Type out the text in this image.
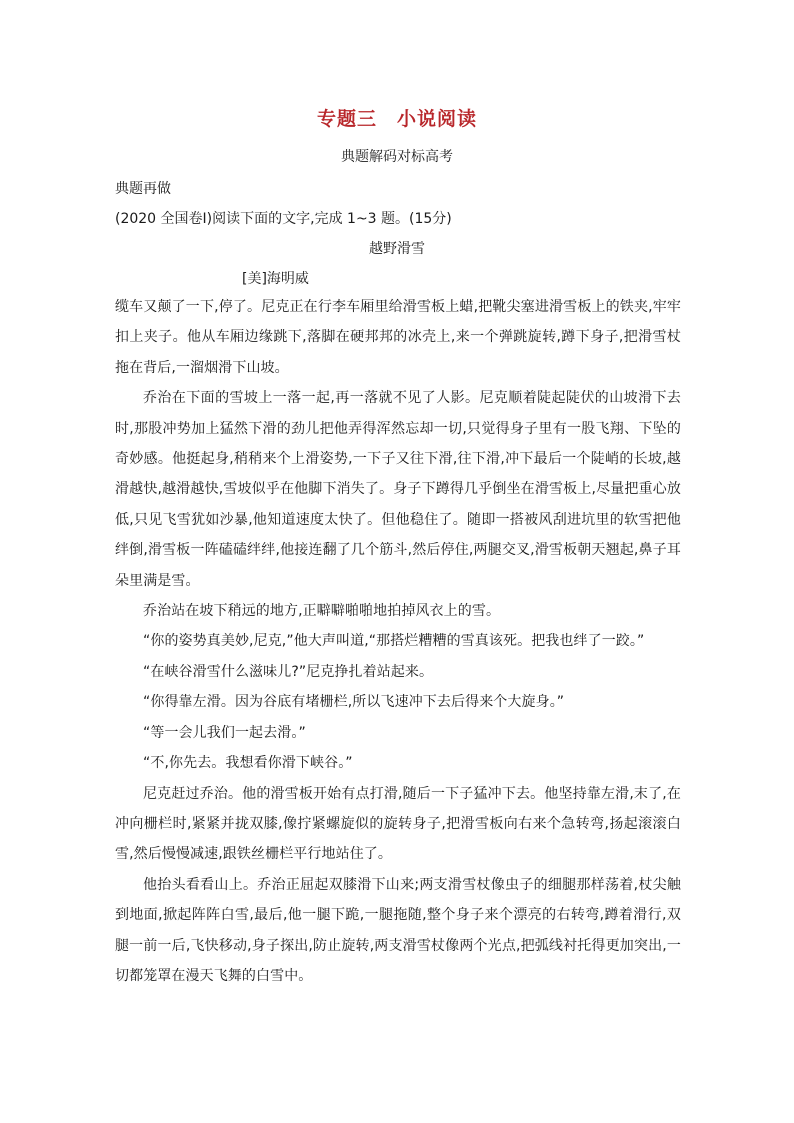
专题三　小说阅读
典题解码对标高考
典题再做
(2020 全国卷Ⅰ)阅读下面的文字,完成 1~3 题。(15分)
越野滑雪
[美]海明威

缆车又颠了一下,停了。尼克正在行李车厢里给滑雪板上蜡,把靴尖塞进滑雪板上的铁夹,牢牢扣上夹子。他从车厢边缘跳下,落脚在硬邦邦的冰壳上,来一个弹跳旋转,蹲下身子,把滑雪杖拖在背后,一溜烟滑下山坡。

乔治在下面的雪坡上一落一起,再一落就不见了人影。尼克顺着陡起陡伏的山坡滑下去时,那股冲势加上猛然下滑的劲儿把他弄得浑然忘却一切,只觉得身子里有一股飞翔、下坠的奇妙感。他挺起身,稍稍来个上滑姿势,一下子又往下滑,往下滑,冲下最后一个陡峭的长坡,越滑越快,越滑越快,雪坡似乎在他脚下消失了。身子下蹲得几乎倒坐在滑雪板上,尽量把重心放低,只见飞雪犹如沙暴,他知道速度太快了。但他稳住了。随即一搭被风刮进坑里的软雪把他绊倒,滑雪板一阵磕磕绊绊,他接连翻了几个筋斗,然后停住,两腿交叉,滑雪板朝天翘起,鼻子耳朵里满是雪。

乔治站在坡下稍远的地方,正噼噼啪啪地拍掉风衣上的雪。

“你的姿势真美妙,尼克,”他大声叫道,“那搭烂糟糟的雪真该死。把我也绊了一跤。”

“在峡谷滑雪什么滋味儿?”尼克挣扎着站起来。

“你得靠左滑。因为谷底有堵栅栏,所以飞速冲下去后得来个大旋身。”

“等一会儿我们一起去滑。”

“不,你先去。我想看你滑下峡谷。”

尼克赶过乔治。他的滑雪板开始有点打滑,随后一下子猛冲下去。他坚持靠左滑,末了,在冲向栅栏时,紧紧并拢双膝,像拧紧螺旋似的旋转身子,把滑雪板向右来个急转弯,扬起滚滚白雪,然后慢慢减速,跟铁丝栅栏平行地站住了。

他抬头看看山上。乔治正屈起双膝滑下山来;两支滑雪杖像虫子的细腿那样荡着,杖尖触到地面,掀起阵阵白雪,最后,他一腿下跪,一腿拖随,整个身子来个漂亮的右转弯,蹲着滑行,双腿一前一后,飞快移动,身子探出,防止旋转,两支滑雪杖像两个光点,把弧线衬托得更加突出,一切都笼罩在漫天飞舞的白雪中。
